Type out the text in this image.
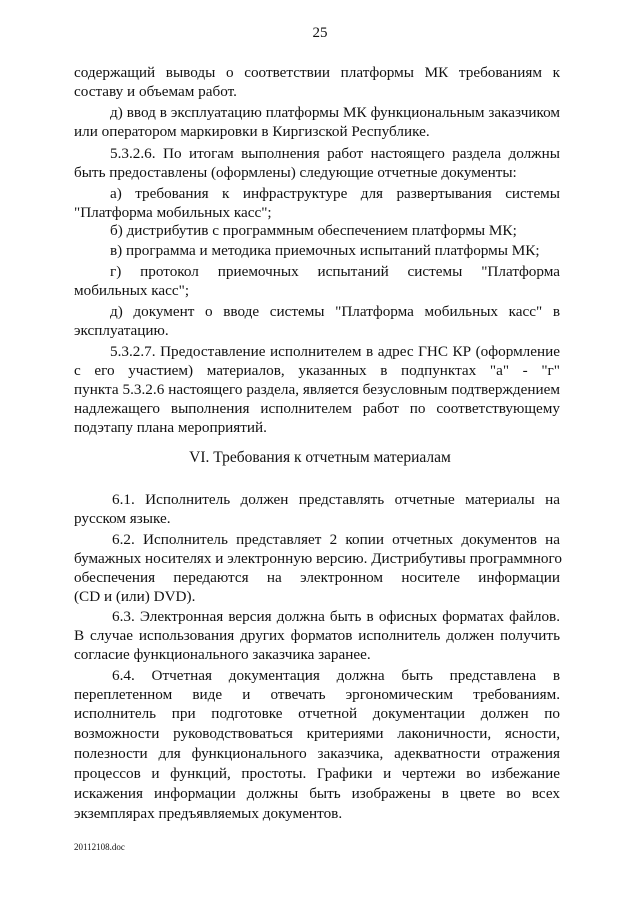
25
содержащий выводы о соответствии платформы МК требованиям к
составу и объемам работ.
д) ввод в эксплуатацию платформы МК функциональным заказчиком
или оператором маркировки в Киргизской Республике.
5.3.2.6. По итогам выполнения работ настоящего раздела должны
быть предоставлены (оформлены) следующие отчетные документы:
а) требования к инфраструктуре для развертывания системы
"Платформа мобильных касс";
б) дистрибутив с программным обеспечением платформы МК;
в) программа и методика приемочных испытаний платформы МК;
г) протокол приемочных испытаний системы "Платформа
мобильных касс";
д) документ о вводе системы "Платформа мобильных касс" в
эксплуатацию.
5.3.2.7. Предоставление исполнителем в адрес ГНС КР (оформление
с его участием) материалов, указанных в подпунктах "а" - "г"
пункта 5.3.2.6 настоящего раздела, является безусловным подтверждением
надлежащего выполнения исполнителем работ по соответствующему
подэтапу плана мероприятий.
VI. Требования к отчетным материалам
6.1. Исполнитель должен представлять отчетные материалы на
русском языке.
6.2. Исполнитель представляет 2 копии отчетных документов на
бумажных носителях и электронную версию. Дистрибутивы программного
обеспечения передаются на электронном носителе информации
(CD и (или) DVD).
6.3. Электронная версия должна быть в офисных форматах файлов.
В случае использования других форматов исполнитель должен получить
согласие функционального заказчика заранее.
6.4. Отчетная документация должна быть представлена в
переплетенном виде и отвечать эргономическим требованиям.
исполнитель при подготовке отчетной документации должен по
возможности руководствоваться критериями лаконичности, ясности,
полезности для функционального заказчика, адекватности отражения
процессов и функций, простоты. Графики и чертежи во избежание
искажения информации должны быть изображены в цвете во всех
экземплярах предъявляемых документов.
20112108.doc
